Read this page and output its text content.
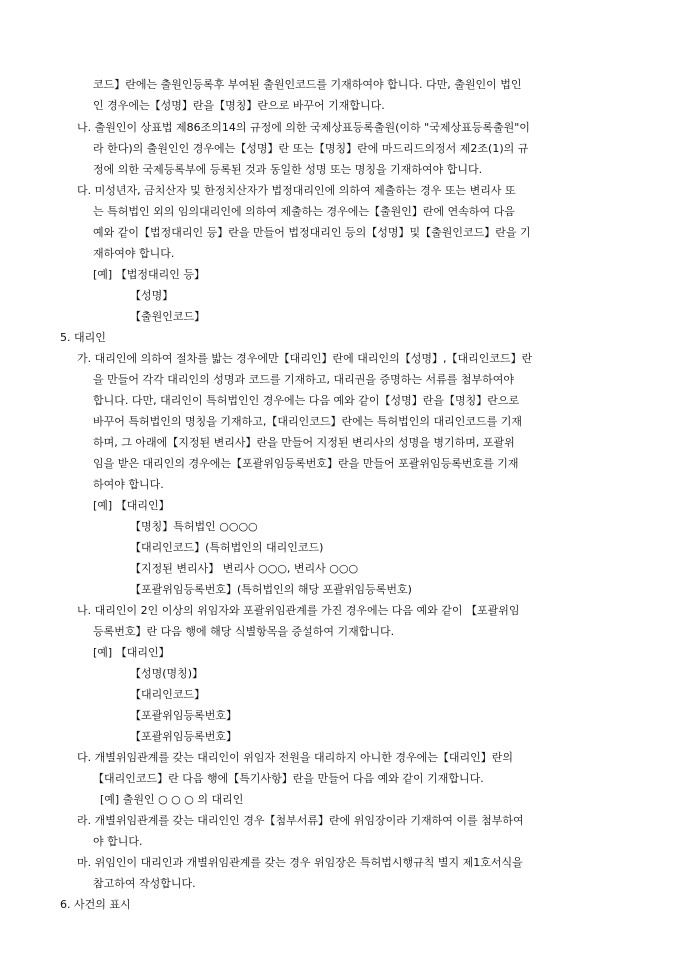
코드】란에는 출원인등록후 부여된 출원인코드를 기재하여야 합니다. 다만, 출원인이 법인
인 경우에는【성명】란을【명칭】란으로 바꾸어 기재합니다.
나. 출원인이 상표법 제86조의14의 규정에 의한 국제상표등록출원(이하 "국제상표등록출원"이
라 한다)의 출원인인 경우에는【성명】란 또는【명칭】란에 마드리드의정서 제2조(1)의 규
정에 의한 국제등록부에 등록된 것과 동일한 성명 또는 명칭을 기재하여야 합니다.
다. 미성년자, 금치산자 및 한정치산자가 법정대리인에 의하여 제출하는 경우 또는 변리사 또
는 특허법인 외의 임의대리인에 의하여 제출하는 경우에는【출원인】란에 연속하여 다음
예와 같이【법정대리인 등】란을 만들어 법정대리인 등의【성명】및【출원인코드】란을 기
재하여야 합니다.
[예] 【법정대리인 등】
【성명】
【출원인코드】
5. 대리인
가. 대리인에 의하여 절차를 밟는 경우에만【대리인】란에 대리인의【성명】,【대리인코드】란
을 만들어 각각 대리인의 성명과 코드를 기재하고, 대리권을 증명하는 서류를 첨부하여야
합니다. 다만, 대리인이 특허법인인 경우에는 다음 예와 같이【성명】란을【명칭】란으로
바꾸어 특허법인의 명칭을 기재하고,【대리인코드】란에는 특허법인의 대리인코드를 기재
하며, 그 아래에【지정된 변리사】란을 만들어 지정된 변리사의 성명을 병기하며, 포괄위
임을 받은 대리인의 경우에는【포괄위임등록번호】란을 만들어 포괄위임등록번호를 기재
하여야 합니다.
[예] 【대리인】
【명칭】특허법인 ○○○○
【대리인코드】(특허법인의 대리인코드)
【지정된 변리사】 변리사 ○○○, 변리사 ○○○
【포괄위임등록번호】(특허법인의 해당 포괄위임등록번호)
나. 대리인이 2인 이상의 위임자와 포괄위임관계를 가진 경우에는 다음 예와 같이 【포괄위임
등록번호】란 다음 행에 해당 식별항목을 증설하여 기재합니다.
[예] 【대리인】
【성명(명칭)】
【대리인코드】
【포괄위임등록번호】
【포괄위임등록번호】
다. 개별위임관계를 갖는 대리인이 위임자 전원을 대리하지 아니한 경우에는【대리인】란의
【대리인코드】란 다음 행에【특기사항】란을 만들어 다음 예와 같이 기재합니다.
[예] 출원인 ○ ○ ○ 의 대리인
라. 개별위임관계를 갖는 대리인인 경우【첨부서류】란에 위임장이라 기재하여 이를 첨부하여
야 합니다.
마. 위임인이 대리인과 개별위임관계를 갖는 경우 위임장은 특허법시행규칙 별지 제1호서식을
참고하여 작성합니다.
6. 사건의 표시
